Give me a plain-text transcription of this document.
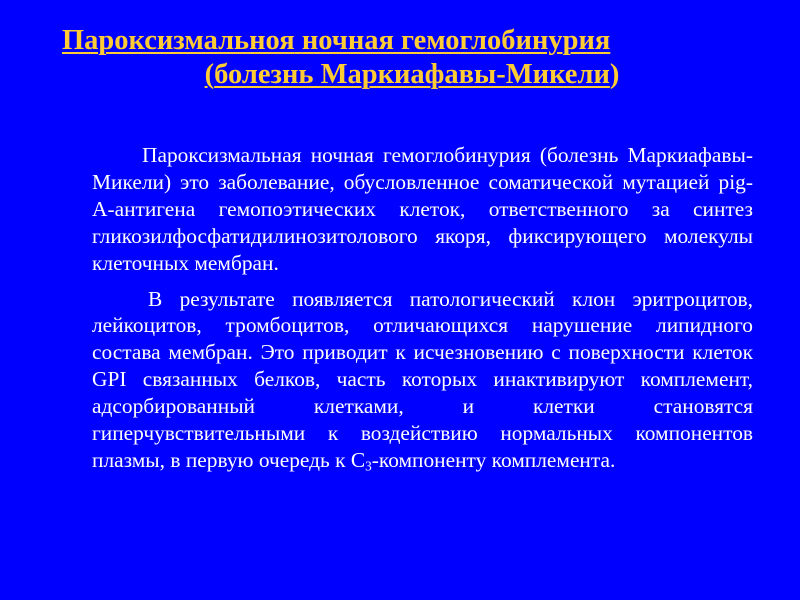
Пароксизмальноя ночная гемоглобинурия
(болезнь Маркиафавы-Микели)

Пароксизмальная ночная гемоглобинурия (болезнь Маркиафавы-Микели) это заболевание, обусловленное соматической мутацией pig-А-антигена гемопоэтических клеток, ответственного за синтез гликозилфосфатидилинозитолового якоря, фиксирующего молекулы клеточных мембран.

В результате появляется патологический клон эритроцитов, лейкоцитов, тромбоцитов, отличающихся нарушение липидного состава мембран. Это приводит к исчезновению с поверхности клеток GPI связанных белков, часть которых инактивируют комплемент, адсорбированный клетками, и клетки становятся гиперчувствительными к воздействию нормальных компонентов плазмы, в первую очередь к $С_3$-компоненту комплемента.
